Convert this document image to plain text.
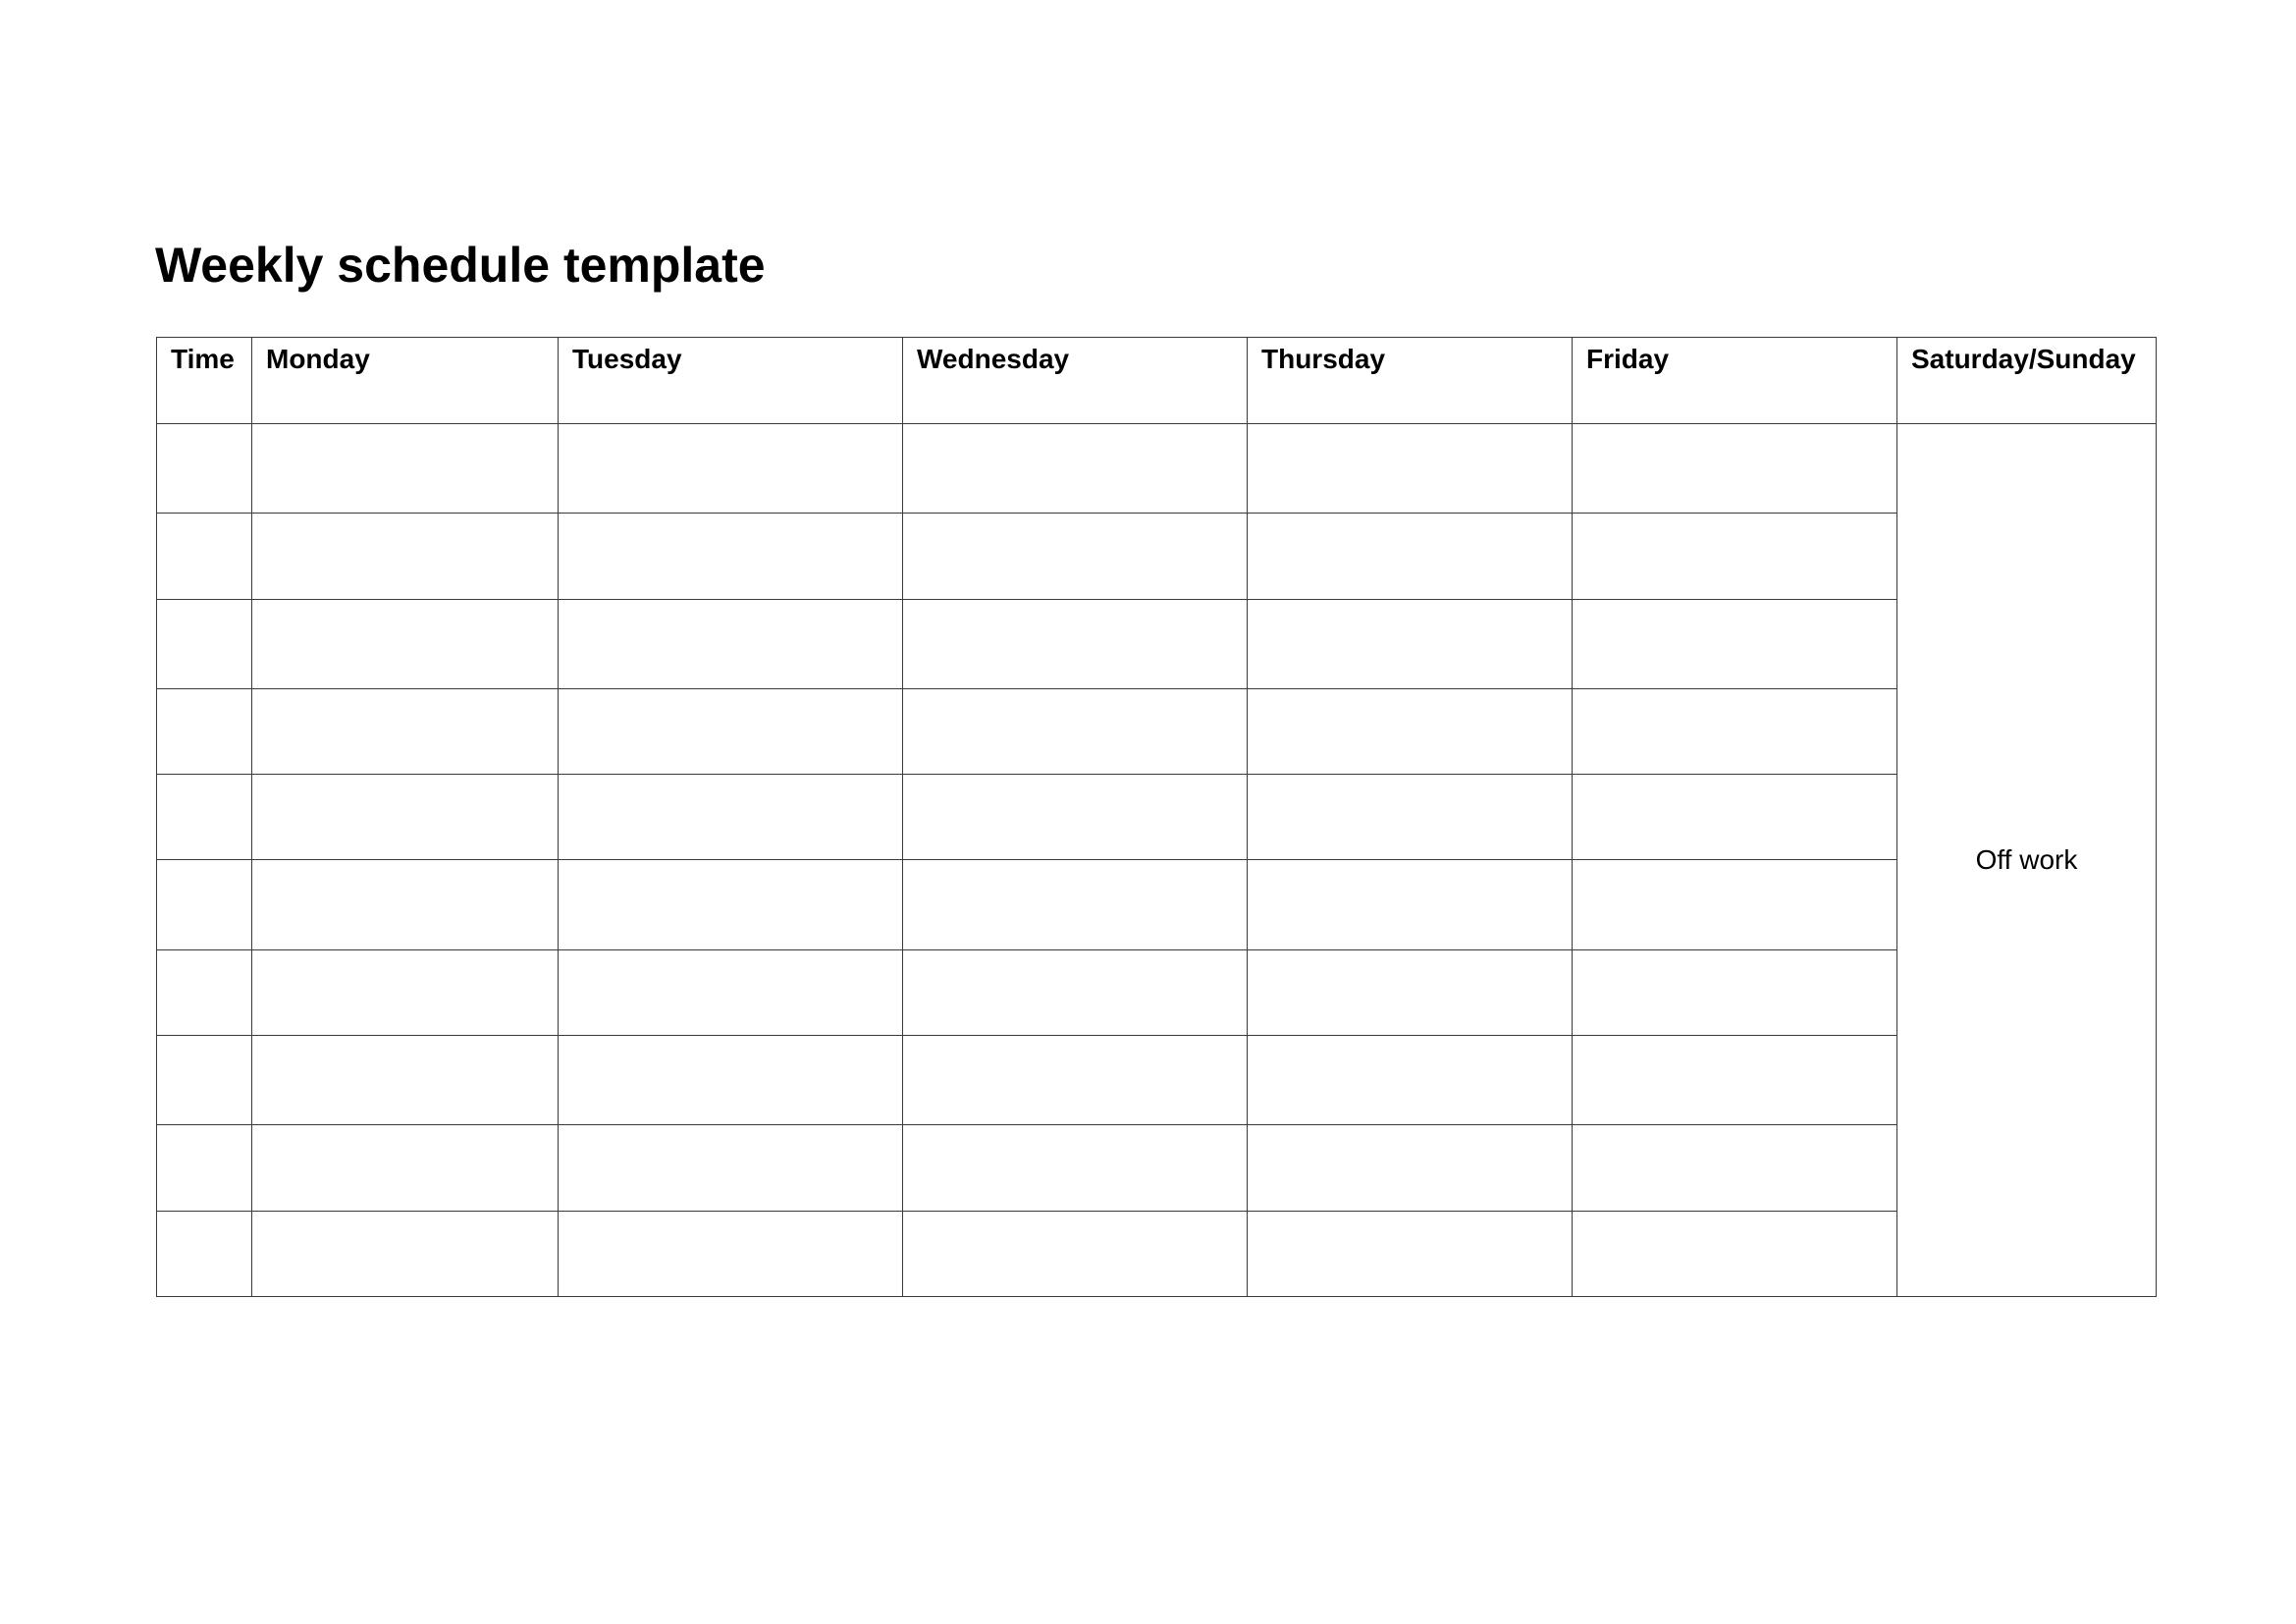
Weekly schedule template
Time	Monday	Tuesday	Wednesday	Thursday	Friday	Saturday/Sunday
						Off work
